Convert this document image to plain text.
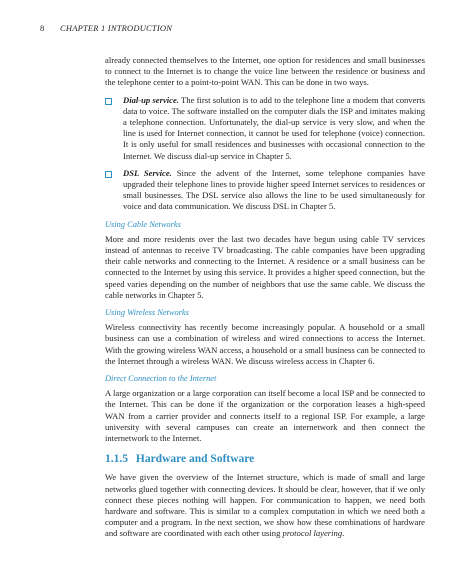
8 CHAPTER 1 INTRODUCTION

already connected themselves to the Internet, one option for residences and small businesses to connect to the Internet is to change the voice line between the residence or business and the telephone center to a point-to-point WAN. This can be done in two ways.

Dial-up service. The first solution is to add to the telephone line a modem that converts data to voice. The software installed on the computer dials the ISP and imitates making a telephone connection. Unfortunately, the dial-up service is very slow, and when the line is used for Internet connection, it cannot be used for telephone (voice) connection. It is only useful for small residences and businesses with occasional connection to the Internet. We discuss dial-up service in Chapter 5.
DSL Service. Since the advent of the Internet, some telephone companies have upgraded their telephone lines to provide higher speed Internet services to residences or small businesses. The DSL service also allows the line to be used simultaneously for voice and data communication. We discuss DSL in Chapter 5.
Using Cable Networks

More and more residents over the last two decades have begun using cable TV services instead of antennas to receive TV broadcasting. The cable companies have been upgrading their cable networks and connecting to the Internet. A residence or a small business can be connected to the Internet by using this service. It provides a higher speed connection, but the speed varies depending on the number of neighbors that use the same cable. We discuss the cable networks in Chapter 5.

Using Wireless Networks

Wireless connectivity has recently become increasingly popular. A household or a small business can use a combination of wireless and wired connections to access the Internet. With the growing wireless WAN access, a household or a small business can be connected to the Internet through a wireless WAN. We discuss wireless access in Chapter 6.

Direct Connection to the Internet

A large organization or a large corporation can itself become a local ISP and be connected to the Internet. This can be done if the organization or the corporation leases a high-speed WAN from a carrier provider and connects itself to a regional ISP. For example, a large university with several campuses can create an internetwork and then connect the internetwork to the Internet.

1.1.5 Hardware and Software

We have given the overview of the Internet structure, which is made of small and large networks glued together with connecting devices. It should be clear, however, that if we only connect these pieces nothing will happen. For communication to happen, we need both hardware and software. This is similar to a complex computation in which we need both a computer and a program. In the next section, we show how these combinations of hardware and software are coordinated with each other using protocol layering.
